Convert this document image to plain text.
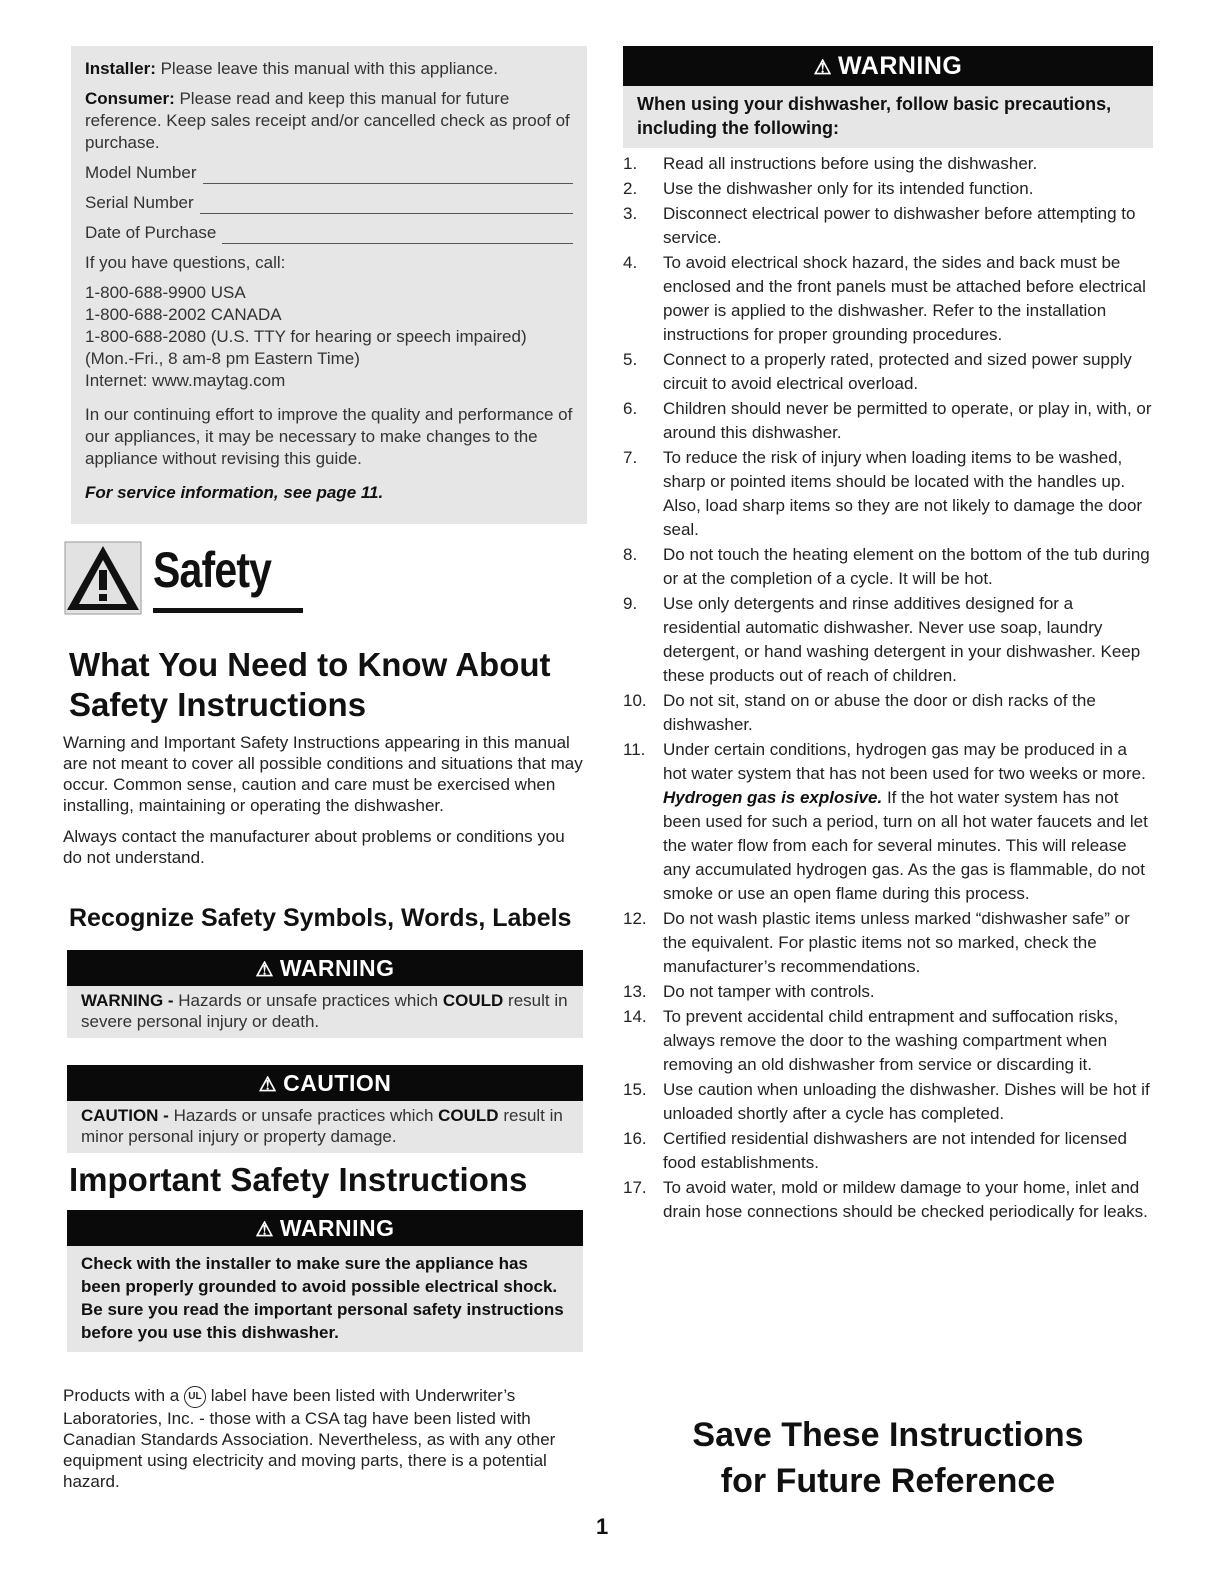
Installer: Please leave this manual with this appliance.

Consumer: Please read and keep this manual for future reference. Keep sales receipt and/or cancelled check as proof of purchase.

Model Number

Serial Number

Date of Purchase

If you have questions, call:

1-800-688-9900 USA

1-800-688-2002 CANADA

1-800-688-2080 (U.S. TTY for hearing or speech impaired) (Mon.-Fri., 8 am-8 pm Eastern Time)

Internet: www.maytag.com

In our continuing effort to improve the quality and performance of our appliances, it may be necessary to make changes to the appliance without revising this guide.

For service information, see page 11.

Safety
What You Need to Know About Safety Instructions

Warning and Important Safety Instructions appearing in this manual are not meant to cover all possible conditions and situations that may occur. Common sense, caution and care must be exercised when installing, maintaining or operating the dishwasher.

Always contact the manufacturer about problems or conditions you do not understand.

Recognize Safety Symbols, Words, Labels
⚠ WARNING
WARNING - Hazards or unsafe practices which COULD result in severe personal injury or death.
⚠ CAUTION
CAUTION - Hazards or unsafe practices which COULD result in minor personal injury or property damage.
Important Safety Instructions
⚠ WARNING
Check with the installer to make sure the appliance has been properly grounded to avoid possible electrical shock. Be sure you read the important personal safety instructions before you use this dishwasher.
Products with a UL label have been listed with Underwriter’s Laboratories, Inc. - those with a CSA tag have been listed with Canadian Standards Association. Nevertheless, as with any other equipment using electricity and moving parts, there is a potential hazard.
⚠ WARNING
When using your dishwasher, follow basic precautions, including the following:
1.	Read all instructions before using the dishwasher.
2.	Use the dishwasher only for its intended function.
3.	Disconnect electrical power to dishwasher before attempting to service.
4.	To avoid electrical shock hazard, the sides and back must be enclosed and the front panels must be attached before electrical power is applied to the dishwasher. Refer to the installation instructions for proper grounding procedures.
5.	Connect to a properly rated, protected and sized power supply circuit to avoid electrical overload.
6.	Children should never be permitted to operate, or play in, with, or around this dishwasher.
7.	To reduce the risk of injury when loading items to be washed, sharp or pointed items should be located with the handles up. Also, load sharp items so they are not likely to damage the door seal.
8.	Do not touch the heating element on the bottom of the tub during or at the completion of a cycle. It will be hot.
9.	Use only detergents and rinse additives designed for a residential automatic dishwasher. Never use soap, laundry detergent, or hand washing detergent in your dishwasher. Keep these products out of reach of children.
10. Do not sit, stand on or abuse the door or dish racks of the dishwasher.
11.	Under certain conditions, hydrogen gas may be produced in a hot water system that has not been used for two weeks or more. Hydrogen gas is explosive. If the hot water system has not been used for such a period, turn on all hot water faucets and let the water flow from each for several minutes. This will release any accumulated hydrogen gas. As the gas is flammable, do not smoke or use an open flame during this process.
12. Do not wash plastic items unless marked “dishwasher safe” or the equivalent. For plastic items not so marked, check the manufacturer’s recommendations.
13. Do not tamper with controls.
14. To prevent accidental child entrapment and suffocation risks, always remove the door to the washing compartment when removing an old dishwasher from service or discarding it.
15. Use caution when unloading the dishwasher. Dishes will be hot if unloaded shortly after a cycle has completed.
16. Certified residential dishwashers are not intended for licensed food establishments.
17. To avoid water, mold or mildew damage to your home, inlet and drain hose connections should be checked periodically for leaks.
Save These Instructions
for Future Reference
1
